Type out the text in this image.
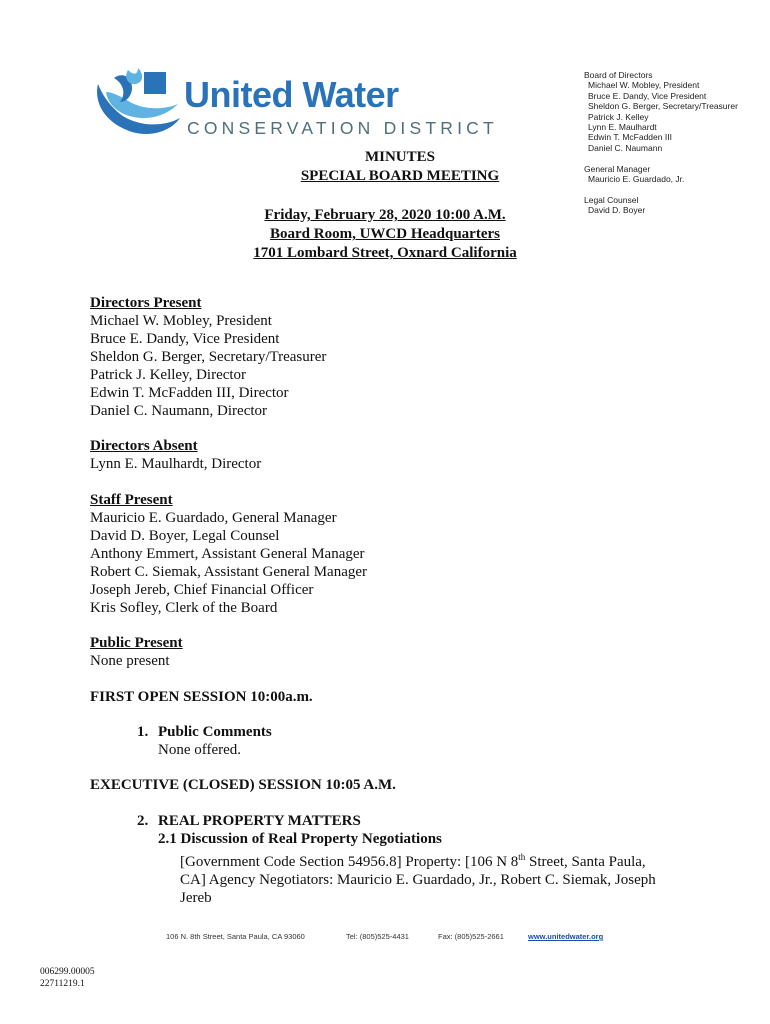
United Water
CONSERVATION DISTRICT
Board of Directors
Michael W. Mobley, President
Bruce E. Dandy, Vice President
Sheldon G. Berger, Secretary/Treasurer
Patrick J. Kelley
Lynn E. Maulhardt
Edwin T. McFadden III
Daniel C. Naumann
General Manager
Mauricio E. Guardado, Jr.
Legal Counsel
David D. Boyer
MINUTES
SPECIAL BOARD MEETING
Friday, February 28, 2020 10:00 A.M.
Board Room, UWCD Headquarters
1701 Lombard Street, Oxnard California
Directors Present
Michael W. Mobley, President
Bruce E. Dandy, Vice President
Sheldon G. Berger, Secretary/Treasurer
Patrick J. Kelley, Director
Edwin T. McFadden III, Director
Daniel C. Naumann, Director
Directors Absent
Lynn E. Maulhardt, Director
Staff Present
Mauricio E. Guardado, General Manager
David D. Boyer, Legal Counsel
Anthony Emmert, Assistant General Manager
Robert C. Siemak, Assistant General Manager
Joseph Jereb, Chief Financial Officer
Kris Sofley, Clerk of the Board
Public Present
None present
FIRST OPEN SESSION 10:00a.m.
1. Public Comments
None offered.
EXECUTIVE (CLOSED) SESSION 10:05 A.M.
2. REAL PROPERTY MATTERS
2.1 Discussion of Real Property Negotiations
[Government Code Section 54956.8] Property: [106 N 8th Street, Santa Paula,
CA] Agency Negotiators: Mauricio E. Guardado, Jr., Robert C. Siemak, Joseph
Jereb
106 N. 8th Street, Santa Paula, CA 93060	Tel: (805)525-4431	Fax: (805)525-2661	www.unitedwater.org
006299.00005
22711219.1
